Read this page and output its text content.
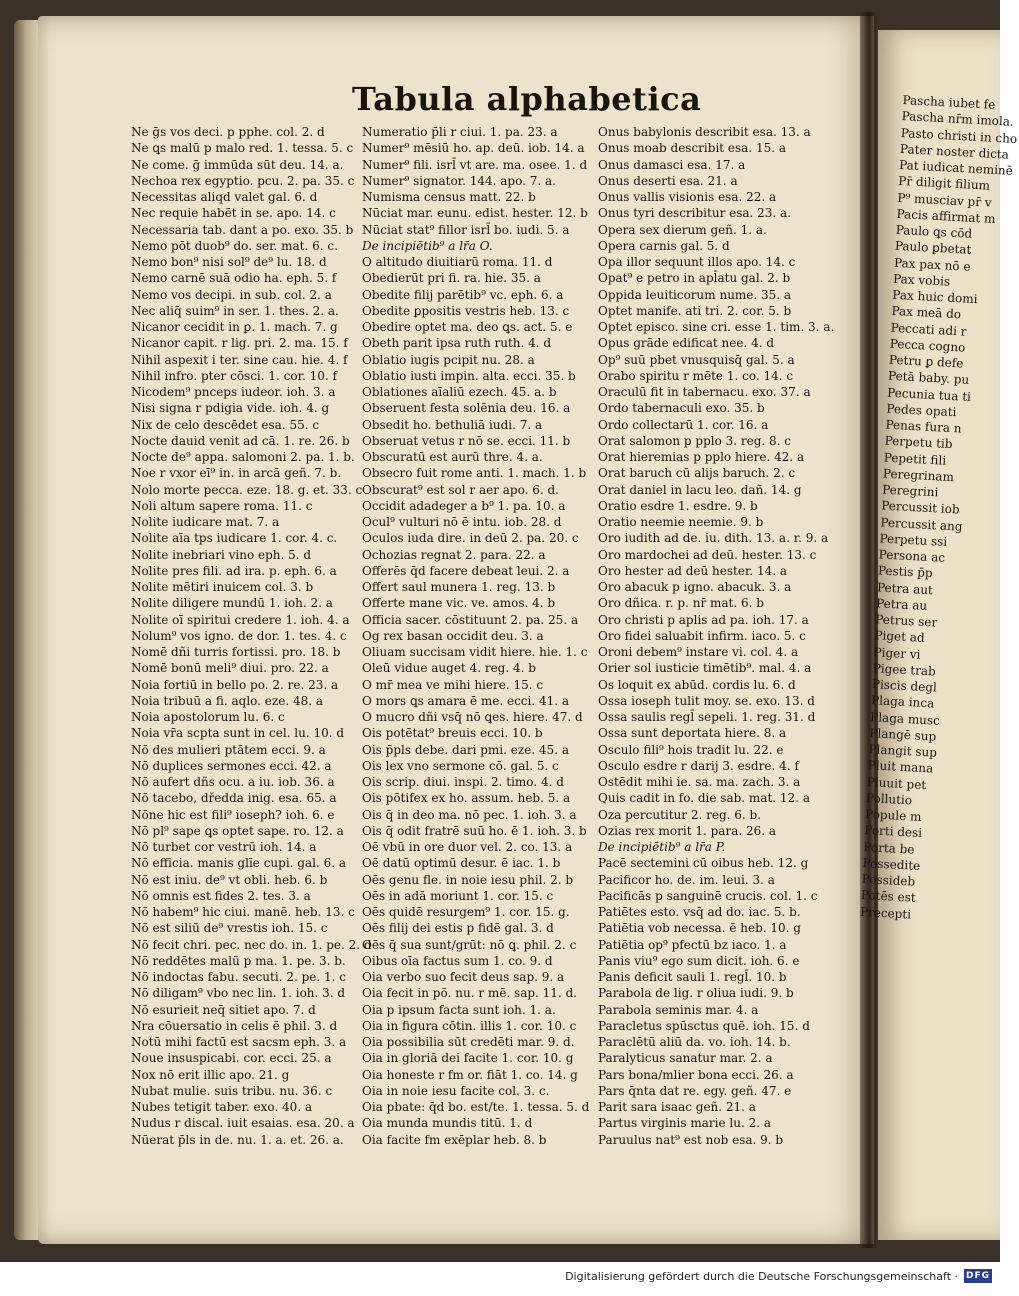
Tabula alphabetica
Ne ḡs vos deci. p pphe. col. 2. d
Ne ꝗs malū p malo red. 1. tessa. 5. c
Ne come. ḡ immūda sūt deu. 14. a.
Nechoa rex egyptio. pcu. 2. pa. 35. c
Necessitas aliqd valet gal. 6. d
Nec requie habēt in se. apo. 14. c
Necessaria tab. dant a po. exo. 35. b
Nemo pōt duob⁹ do. ser. mat. 6. c.
Nemo bon⁹ nisi sol⁹ de⁹ lu. 18. d
Nemo carnē suā odio ha. eph. 5. f
Nemo vos decipi. in sub. col. 2. a
Nec aliq̄ suim⁹ in ser. 1. thes. 2. a.
Nicanor cecidit in ꝑ. 1. mach. 7. g
Nicanor capit. r lig. pri. 2. ma. 15. f
Nihil aspexit i ter. sine cau. hie. 4. f
Nihil infro. pter cōsci. 1. cor. 10. f
Nicodem⁹ pnceps iudeor. ioh. 3. a
Nisi signa r pdigia vide. ioh. 4. g
Nix de celo descēdet esa. 55. c
Nocte dauid venit ad cā. 1. re. 26. b
Nocte de⁹ appa. salomoni 2. pa. 1. b.
Noe r vxor eī⁹ in. in arcā geñ. 7. b.
Nolo morte pecca. eze. 18. g. et. 33. c
Noli altum sapere roma. 11. c
Nolite iudicare mat. 7. a
Nolite aīa tps iudicare 1. cor. 4. c.
Nolite inebriari vino eph. 5. d
Nolite pres fili. ad ira. p. eph. 6. a
Nolite mētiri inuicem col. 3. b
Nolite diligere mundū 1. ioh. 2. a
Nolite oī spiritui credere 1. ioh. 4. a
Nolum⁹ vos igno. de dor. 1. tes. 4. c
Nomē dñi turris fortissi. pro. 18. b
Nomē bonū meli⁹ diui. pro. 22. a
Noia fortiū in bello po. 2. re. 23. a
Noia tribuū a fi. aqlo. eze. 48. a
Noia apostolorum lu. 6. c
Noia vr̄a scpta sunt in cel. lu. 10. d
Nō des mulieri ptātem ecci. 9. a
Nō duplices sermones ecci. 42. a
Nō aufert dñs ocu. a iu. iob. 36. a
Nō tacebo, dředda inig. esa. 65. a
Nōne hic est fili⁹ ioseph? ioh. 6. e
Nō pl⁹ sape ꝗs optet sape. ro. 12. a
Nō turbet cor vestrū ioh. 14. a
Nō efficia. manis glīe cupi. gal. 6. a
Nō est iniu. de⁹ vt obli. heb. 6. b
Nō omnis est fides 2. tes. 3. a
Nō habem⁹ hic ciui. manē. heb. 13. c
Nō est siliū de⁹ vrestis ioh. 15. c
Nō fecit chri. pec. nec do. in. 1. pe. 2. d
Nō reddētes malū p ma. 1. pe. 3. b.
Nō indoctas fabu. secuti. 2. pe. 1. c
Nō diligam⁹ vbo nec lin. 1. ioh. 3. d
Nō esurieit neq̄ sitiet apo. 7. d
Nra cōuersatio in celis ē phil. 3. d
Notū mihi factū est sacsm eph. 3. a
Noue insuspicabi. cor. ecci. 25. a
Nox nō erit illic apo. 21. g
Nubat mulie. suis tribu. nu. 36. c
Nubes tetigit taber. exo. 40. a
Nudus r discal. iuit esaias. esa. 20. a
Nūerat p̄ls in de. nu. 1. a. et. 26. a.
Numeratio p̄li r ciui. 1. pa. 23. a
Numer⁹ mēsiū ho. ap. deū. iob. 14. a
Numer⁹ fili. isrl̄ vt are. ma. osee. 1. d
Numer⁹ signator. 144. apo. 7. a.
Numisma census matt. 22. b
Nūciat mar. eunu. edist. hester. 12. b
Nūciat stat⁹ fillor isrl̄ bo. iudi. 5. a
De incipiētib⁹ a lr̄a O.
O altitudo diuitiarū roma. 11. d
Obedierūt pri fi. ra. hie. 35. a
Obedite filij parētib⁹ vc. eph. 6. a
Obedite ꝑpositis vestris heb. 13. c
Obedire optet ma. deo ꝗs. act. 5. e
Obeth parit ipsa ruth ruth. 4. d
Oblatio iugis pcipit nu. 28. a
Oblatio iusti impin. alta. ecci. 35. b
Oblationes aīaliū ezech. 45. a. b
Obseruent festa solēnia deu. 16. a
Obsedit ho. bethuliā iudi. 7. a
Obseruat vetus r nō se. ecci. 11. b
Obscuratū est aurū thre. 4. a.
Obsecro fuit rome anti. 1. mach. 1. b
Obscurat⁹ est sol r aer apo. 6. d.
Occidit adadeger a b⁹ 1. pa. 10. a
Ocul⁹ vulturi nō ē intu. iob. 28. d
Oculos iuda dire. in deū 2. pa. 20. c
Ochozias regnat 2. para. 22. a
Offerēs q̄d facere debeat leui. 2. a
Offert saul munera 1. reg. 13. b
Offerte mane vic. ve. amos. 4. b
Officia sacer. cōstituunt 2. pa. 25. a
Og rex basan occidit deu. 3. a
Oliuam succisam vidit hiere. hie. 1. c
Oleū vidue auget 4. reg. 4. b
O mr̄ mea ve mihi hiere. 15. c
O mors ꝗs amara ē me. ecci. 41. a
O mucro dñi vsq̄ nō ꝗes. hiere. 47. d
Ois potētat⁹ breuis ecci. 10. b
Ois p̄pls debe. dari pmi. eze. 45. a
Ois lex vno sermone cō. gal. 5. c
Ois scrip. diui. inspi. 2. timo. 4. d
Ois pōtifex ex ho. assum. heb. 5. a
Ois q̄ in deo ma. nō pec. 1. ioh. 3. a
Ois q̄ odit fratrē suū ho. ē 1. ioh. 3. b
Oē vbū in ore duor vel. 2. co. 13. a
Oē datū optimū desur. ē iac. 1. b
Oēs genu fle. in noie iesu phil. 2. b
Oēs in adā moriunt 1. cor. 15. c
Oēs quidē resurgem⁹ 1. cor. 15. g.
Oēs filij dei estis p fidē gal. 3. d
Oēs q̄ sua sunt/grūt: nō ꝗ. phil. 2. c
Oibus oīa factus sum 1. co. 9. d
Oia verbo suo fecit deus sap. 9. a
Oia fecit in pō. nu. r mē. sap. 11. d.
Oia p ipsum facta sunt ioh. 1. a.
Oia in figura cōtin. illis 1. cor. 10. c
Oia possibilia sūt credēti mar. 9. d.
Oia in gloriā dei facite 1. cor. 10. g
Oia honeste r fm or. fiāt 1. co. 14. g
Oia in noie iesu facite col. 3. c.
Oia pbate: q̄d bo. est/te. 1. tessa. 5. d
Oia munda mundis titū. 1. d
Oia facite fm exēplar heb. 8. b
Onus babylonis describit esa. 13. a
Onus moab describit esa. 15. a
Onus damasci esa. 17. a
Onus deserti esa. 21. a
Onus vallis visionis esa. 22. a
Onus tyri describitur esa. 23. a.
Opera sex dierum geñ. 1. a.
Opera carnis gal. 5. d
Opa illor sequunt illos apo. 14. c
Opat⁹ e petro in apl̄atu gal. 2. b
Oppida leuiticorum nume. 35. a
Optet manife. ati tri. 2. cor. 5. b
Optet episco. sine cri. esse 1. tim. 3. a.
Opus grāde edificat nee. 4. d
Op⁹ suū pbet vnusquisq̄ gal. 5. a
Orabo spiritu r mēte 1. co. 14. c
Oraculū fit in tabernacu. exo. 37. a
Ordo tabernaculi exo. 35. b
Ordo collectarū 1. cor. 16. a
Orat salomon p pplo 3. reg. 8. c
Orat hieremias p pplo hiere. 42. a
Orat baruch cū alijs baruch. 2. c
Orat daniel in lacu leo. dañ. 14. g
Oratio esdre 1. esdre. 9. b
Oratio neemie neemie. 9. b
Oro iudith ad de. iu. dith. 13. a. r. 9. a
Oro mardochei ad deū. hester. 13. c
Oro hester ad deū hester. 14. a
Oro abacuk p igno. abacuk. 3. a
Oro dñica. r. p. nr̄ mat. 6. b
Oro christi p aplis ad pa. ioh. 17. a
Oro fidei saluabit infirm. iaco. 5. c
Oroni debem⁹ instare vi. col. 4. a
Orier sol iusticie timētib⁹. mal. 4. a
Os loquit ex abūd. cordis lu. 6. d
Ossa ioseph tulit moy. se. exo. 13. d
Ossa saulis regl̄ sepeli. 1. reg. 31. d
Ossa sunt deportata hiere. 8. a
Osculo fili⁹ hois tradit lu. 22. e
Osculo esdre r darij 3. esdre. 4. f
Ostēdit mihi ie. sa. ma. zach. 3. a
Quis cadit in fo. die sab. mat. 12. a
Oza percutitur 2. reg. 6. b.
Ozias rex morit 1. para. 26. a
De incipiētib⁹ a lr̄a P.
Pacē sectemini cū oibus heb. 12. g
Pacificor ho. de. im. leui. 3. a
Pacificās p sanguinē crucis. col. 1. c
Patiētes esto. vsq̄ ad do. iac. 5. b.
Patiētia vob necessa. ē heb. 10. g
Patiētia op⁹ pfectū bz iaco. 1. a
Panis viu⁹ ego sum dicit. ioh. 6. e
Panis deficit sauli 1. regl̄. 10. b
Parabola de lig. r oliua iudi. 9. b
Parabola seminis mar. 4. a
Paracletus spūsctus quē. ioh. 15. d
Paraclētū aliū da. vo. ioh. 14. b.
Paralyticus sanatur mar. 2. a
Pars bona/mlier bona ecci. 26. a
Pars q̄nta dat re. egy. geñ. 47. e
Parit sara isaac geñ. 21. a
Partus virginis marie lu. 2. a
Paruulus nat⁹ est nob esa. 9. b
Pascha iubet fe
Pascha nr̄m imola.
Pasto christi in cho
Pater noster dicta
Pat iudicat neminē
Pr̄ diligit filium
P⁹ musciav pr̄ v
Pacis affirmat m
Paulo ꝗs cōd
Paulo ꝑbetat
Pax pax nō e
Pax vobis
Pax huic domi
Pax meā do
Peccati adi r
Pecca cogno
Petru ꝑ defe
Petā baby. pu
Pecunia tua ti
Pedes opati
Penas fura n
Perpetu tib
Pepetit fili
Peregrinam
Peregrini
Percussit iob
Percussit ang
Perpetu ssi
Persona ac
Pestis p̄p
Petra aut
Petra au
Petrus ser
Piget ad
Piger vi
Pigee trab
Piscis degl
Plaga inca
Plaga musc
Plangē sup
Plangit sup
Pluit mana
Pluuit pet
Pollutio
Popule m
Porti desi
Porta be
Possedite
Possideb
Potēs est
Precepti
Digitalisierung gefördert durch die Deutsche Forschungsgemeinschaft · DFG
